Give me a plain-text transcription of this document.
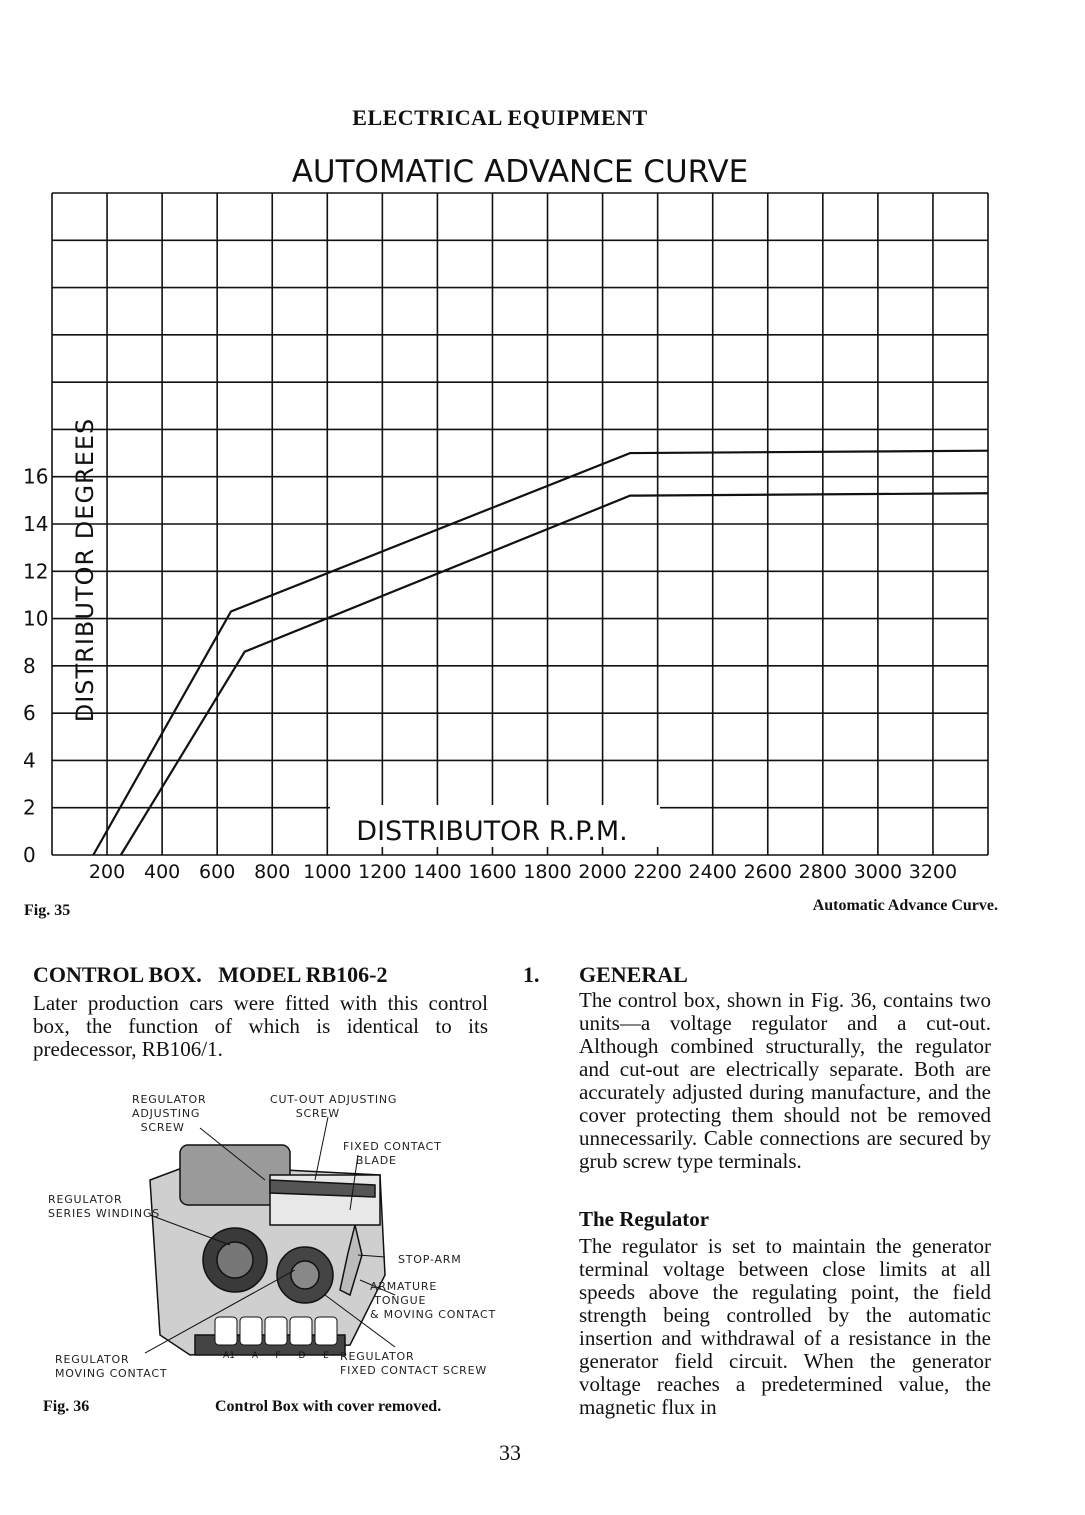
ELECTRICAL EQUIPMENT
AUTOMATIC ADVANCE CURVE
200 400 600 800 1000 1200 1400 1600 1800 2000 2200 2400 2600 2800 3000 3200
0
2
4
6
8
10
12
14
16 DISTRIBUTOR DEGREES
DISTRIBUTOR R.P.M.
Fig. 35	Automatic Advance Curve.
CONTROL BOX.   MODEL RB106-2
Later production cars were fitted with this control box, the function of which is identical to its predecessor, RB106/1.
A1 A F D E
REGULATOR
ADJUSTING
SCREW
CUT-OUT ADJUSTING
SCREW
FIXED CONTACT
BLADE
REGULATOR
SERIES WINDINGS
STOP-ARM
ARMATURE
TONGUE
& MOVING CONTACT
REGULATOR
MOVING CONTACT
REGULATOR
FIXED CONTACT SCREW
Fig. 36	Control Box with cover removed.
1. GENERAL
The control box, shown in Fig. 36, contains two units—a voltage regulator and a cut-out. Although combined structurally, the regulator and cut-out are electrically separate. Both are accurately adjusted during manufacture, and the cover protecting them should not be removed unnecessarily. Cable connections are secured by grub screw type terminals.
The Regulator
The regulator is set to maintain the generator terminal voltage between close limits at all speeds above the regulating point, the field strength being controlled by the automatic insertion and withdrawal of a resistance in the generator field circuit. When the generator voltage reaches a predetermined value, the magnetic flux in
33
